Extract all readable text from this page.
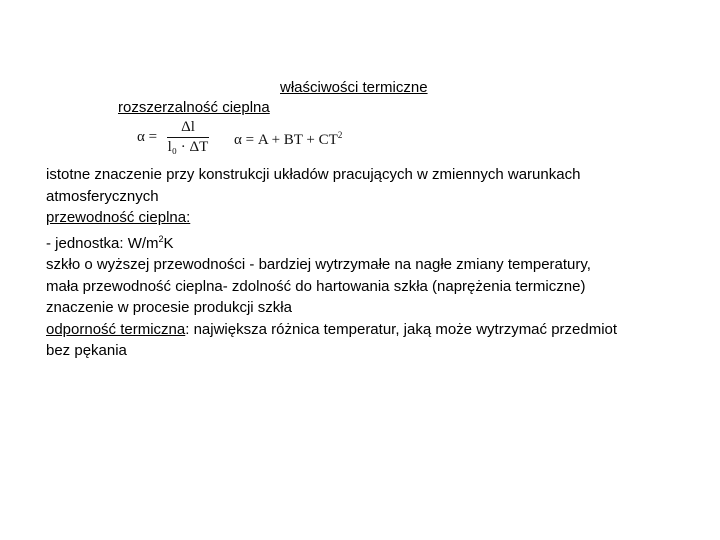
właściwości termiczne
rozszerzalność cieplna
$\alpha = \frac{\Delta l}{\text{l₀ · ΔT}}$ α = A + BT + $CT^2$
istotne znaczenie przy konstrukcji układów pracujących w zmiennych warunkach
atmosferycznych
przewodność cieplna:
- jednostka: $W/m^2K$
szkło o wyższej przewodności - bardziej wytrzymałe na nagłe zmiany temperatury,
mała przewodność cieplna- zdolność do hartowania szkła (naprężenia termiczne)
znaczenie w procesie produkcji szkła
odporność termiczna: największa różnica temperatur, jaką może wytrzymać przedmiot
bez pękania
